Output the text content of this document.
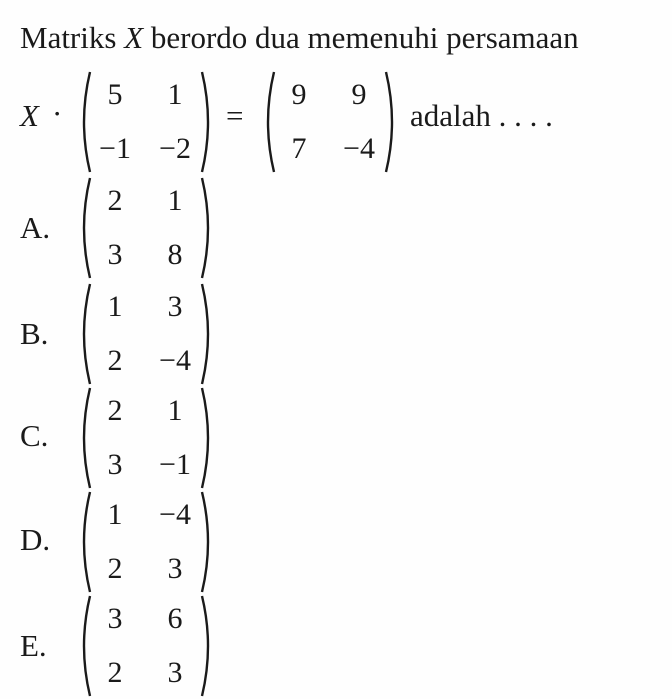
Matriks X berordo dua memenuhi persamaan
X ·
5	1
−1 −2
=
9	9
7	−4
adalah . . . .
A.
2	1
3	8
B.
1	3
2	−4
C.
2	1
3	−1
D.
1	−4
2	3
E.
3	6
2	3
